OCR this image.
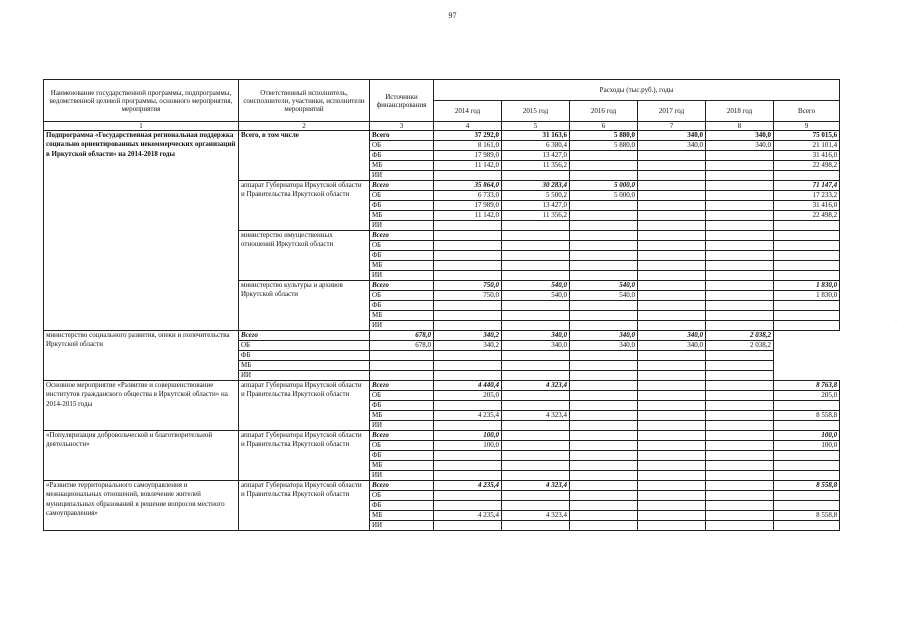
97
Наименование государственной программы, подпрограммы, ведомственной целевой программы, основного мероприятия, мероприятия	Ответственный исполнитель, соисполнители, участники, исполнители мероприятий	Источники финансирования	Расходы (тыс.руб.), годы					
			2014 год	2015 год	2016 год	2017 год	2018 год	Всего
1	2	3	4	5	6	7	8	9
Подпрограмма «Государственная региональная поддержка социально ориентированных некоммерческих организаций в Иркутской области» на 2014-2018 годы	Всего, в том числе	Всего	37 292,0	31 163,6	5 880,0	340,0	340,0	75 015,6
		ОБ	8 161,0	6 380,4	5 880,0	340,0	340,0	21 101,4
		ФБ	17 989,0	13 427,0				31 416,0
		МБ	11 142,0	11 356,2				22 498,2
		ИИ						
	аппарат Губернатора Иркутской области и Правительства Иркутской области	Всего	35 864,0	30 283,4	5 000,0			71 147,4
		ОБ	6 733,0	5 500,2	5 000,0			17 233,2
		ФБ	17 989,0	13 427,0				31 416,0
		МБ	11 142,0	11 356,2				22 498,2
		ИИ						
	министерство имущественных отношений Иркутской области	Всего						
		ОБ						
		ФБ						
		МБ						
		ИИ						
	министерство культуры и архивов Иркутской области	Всего	750,0	540,0	540,0			1 830,0
		ОБ	750,0	540,0	540,0			1 830,0
		ФБ						
		МБ						
		ИИ						
министерство социального развития, опеки и попечительства Иркутской области	Всего	678,0	340,2	340,0	340,0	340,0	2 038,2	
	ОБ	678,0	340,2	340,0	340,0	340,0	2 038,2	
	ФБ							
	МБ							
	ИИ							
Основное мероприятие «Развитие и совершенствование институтов гражданского общества в Иркутской области» на 2014-2015 годы	аппарат Губернатора Иркутской области и Правительства Иркутской области	Всего	4 440,4	4 323,4				8 763,8
		ОБ	205,0					205,0
		ФБ						
		МБ	4 235,4	4 323,4				8 558,8
		ИИ						
«Популяризация добровольческой и благотворительной деятельности»	аппарат Губернатора Иркутской области и Правительства Иркутской области	Всего	100,0					100,0
		ОБ	100,0					100,0
		ФБ						
		МБ						
		ИИ						
«Развитие территориального самоуправления и межнациональных отношений, вовлечение жителей муниципальных образований в решение вопросов местного самоуправления»	аппарат Губернатора Иркутской области и Правительства Иркутской области	Всего	4 235,4	4 323,4				8 558,8
		ОБ						
		ФБ						
		МБ	4 235,4	4 323,4				8 558,8
		ИИ						
·
